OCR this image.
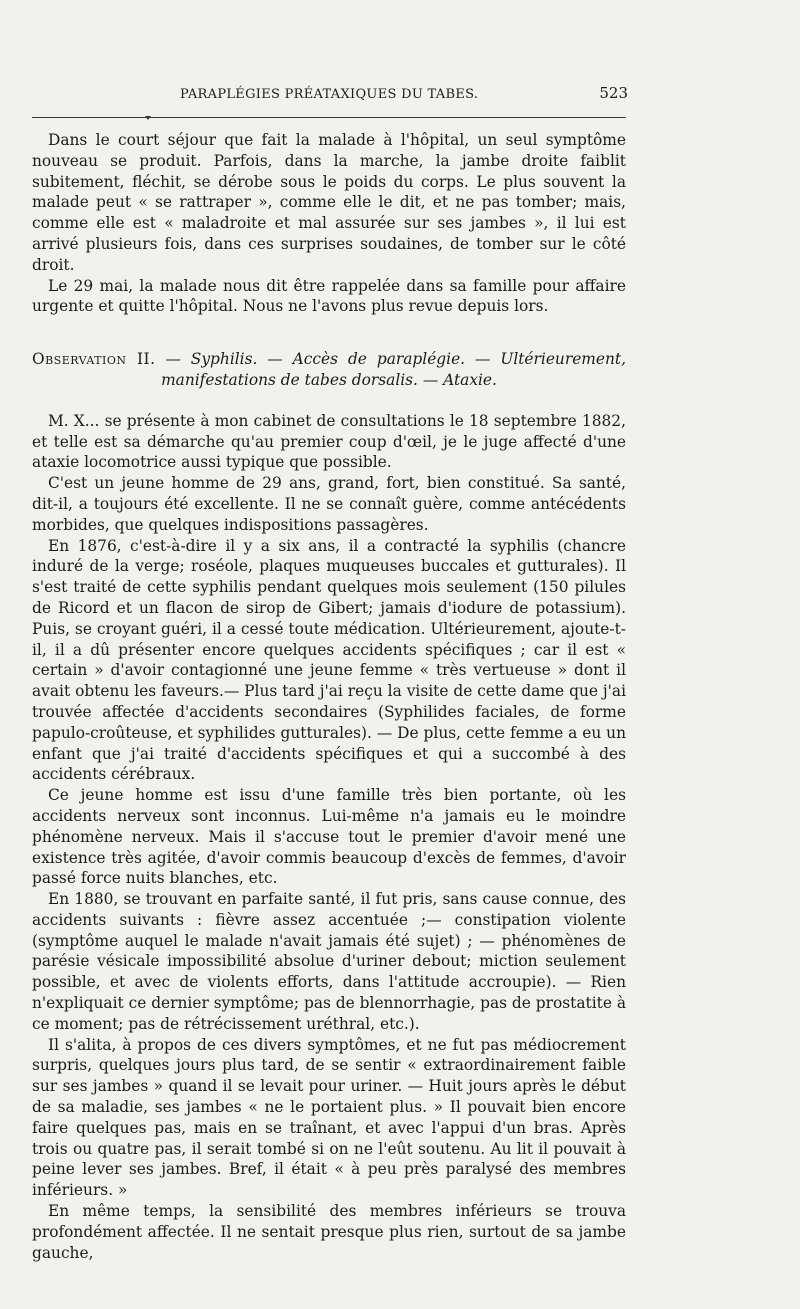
PARAPLÉGIES PRÉATAXIQUES DU TABES.	523

Dans le court séjour que fait la malade à l'hôpital, un seul symptôme nouveau se produit. Parfois, dans la marche, la jambe droite faiblit subitement, fléchit, se dérobe sous le poids du corps. Le plus souvent la malade peut « se rattraper », comme elle le dit, et ne pas tomber; mais, comme elle est « maladroite et mal assurée sur ses jambes », il lui est arrivé plusieurs fois, dans ces surprises soudaines, de tomber sur le côté droit.

Le 29 mai, la malade nous dit être rappelée dans sa famille pour affaire urgente et quitte l'hôpital. Nous ne l'avons plus revue depuis lors.

Observation II. — Syphilis. — Accès de paraplégie. — Ultérieurement,
manifestations de tabes dorsalis. — Ataxie.

M. X... se présente à mon cabinet de consultations le 18 septembre 1882, et telle est sa démarche qu'au premier coup d'œil, je le juge affecté d'une ataxie locomotrice aussi typique que possible.

C'est un jeune homme de 29 ans, grand, fort, bien constitué. Sa santé, dit-il, a toujours été excellente. Il ne se connaît guère, comme antécédents morbides, que quelques indispositions passagères.

En 1876, c'est-à-dire il y a six ans, il a contracté la syphilis (chancre induré de la verge; roséole, plaques muqueuses buccales et gutturales). Il s'est traité de cette syphilis pendant quelques mois seulement (150 pilules de Ricord et un flacon de sirop de Gibert; jamais d'iodure de potassium). Puis, se croyant guéri, il a cessé toute médication. Ultérieurement, ajoute-t-il, il a dû présenter encore quelques accidents spécifiques ; car il est « certain » d'avoir contagionné une jeune femme « très vertueuse » dont il avait obtenu les faveurs.— Plus tard j'ai reçu la visite de cette dame que j'ai trouvée affectée d'accidents secondaires (Syphilides faciales, de forme papulo-croûteuse, et syphilides gutturales). — De plus, cette femme a eu un enfant que j'ai traité d'accidents spécifiques et qui a succombé à des accidents cérébraux.

Ce jeune homme est issu d'une famille très bien portante, où les accidents nerveux sont inconnus. Lui-même n'a jamais eu le moindre phénomène nerveux. Mais il s'accuse tout le premier d'avoir mené une existence très agitée, d'avoir commis beaucoup d'excès de femmes, d'avoir passé force nuits blanches, etc.

En 1880, se trouvant en parfaite santé, il fut pris, sans cause connue, des accidents suivants : fièvre assez accentuée ;— constipation violente (symptôme auquel le malade n'avait jamais été sujet) ; — phénomènes de parésie vésicale impossibilité absolue d'uriner debout; miction seulement possible, et avec de violents efforts, dans l'attitude accroupie). — Rien n'expliquait ce dernier symptôme; pas de blennorrhagie, pas de prostatite à ce moment; pas de rétrécissement uréthral, etc.).

Il s'alita, à propos de ces divers symptômes, et ne fut pas médiocrement surpris, quelques jours plus tard, de se sentir « extraordinairement faible sur ses jambes » quand il se levait pour uriner. — Huit jours après le début de sa maladie, ses jambes « ne le portaient plus. » Il pouvait bien encore faire quelques pas, mais en se traînant, et avec l'appui d'un bras. Après trois ou quatre pas, il serait tombé si on ne l'eût soutenu. Au lit il pouvait à peine lever ses jambes. Bref, il était « à peu près paralysé des membres inférieurs. »

En même temps, la sensibilité des membres inférieurs se trouva profondément affectée. Il ne sentait presque plus rien, surtout de sa jambe gauche,
